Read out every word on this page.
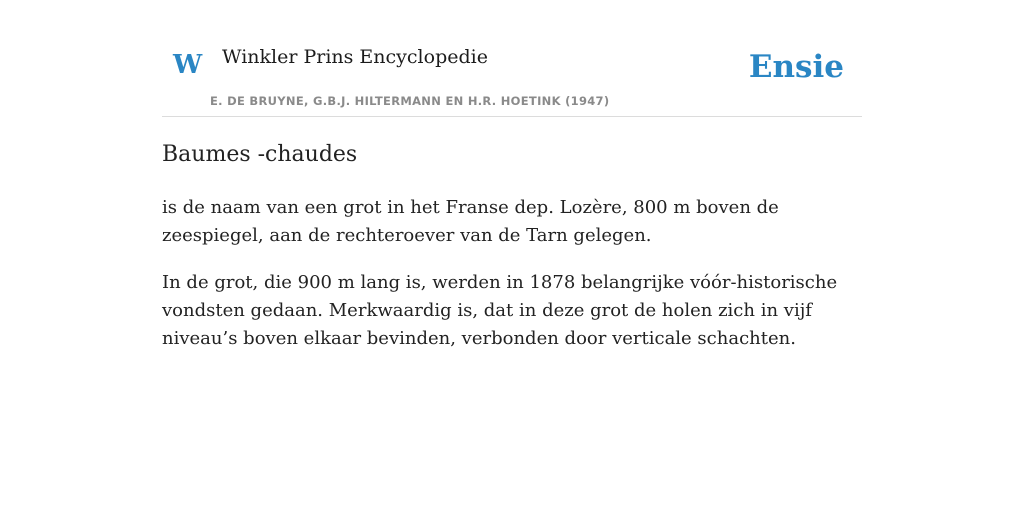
W Winkler Prins Encyclopedie
E. DE BRUYNE, G.B.J. HILTERMANN EN H.R. HOETINK (1947)
Ensie
Baumes -chaudes

is de naam van een grot in het Franse dep. Lozère, 800 m boven de zeespiegel, aan de rechteroever van de Tarn gelegen.

In de grot, die 900 m lang is, werden in 1878 belangrijke vóór-historische vondsten gedaan. Merkwaardig is, dat in deze grot de holen zich in vijf niveau’s boven elkaar bevinden, verbonden door verticale schachten.
